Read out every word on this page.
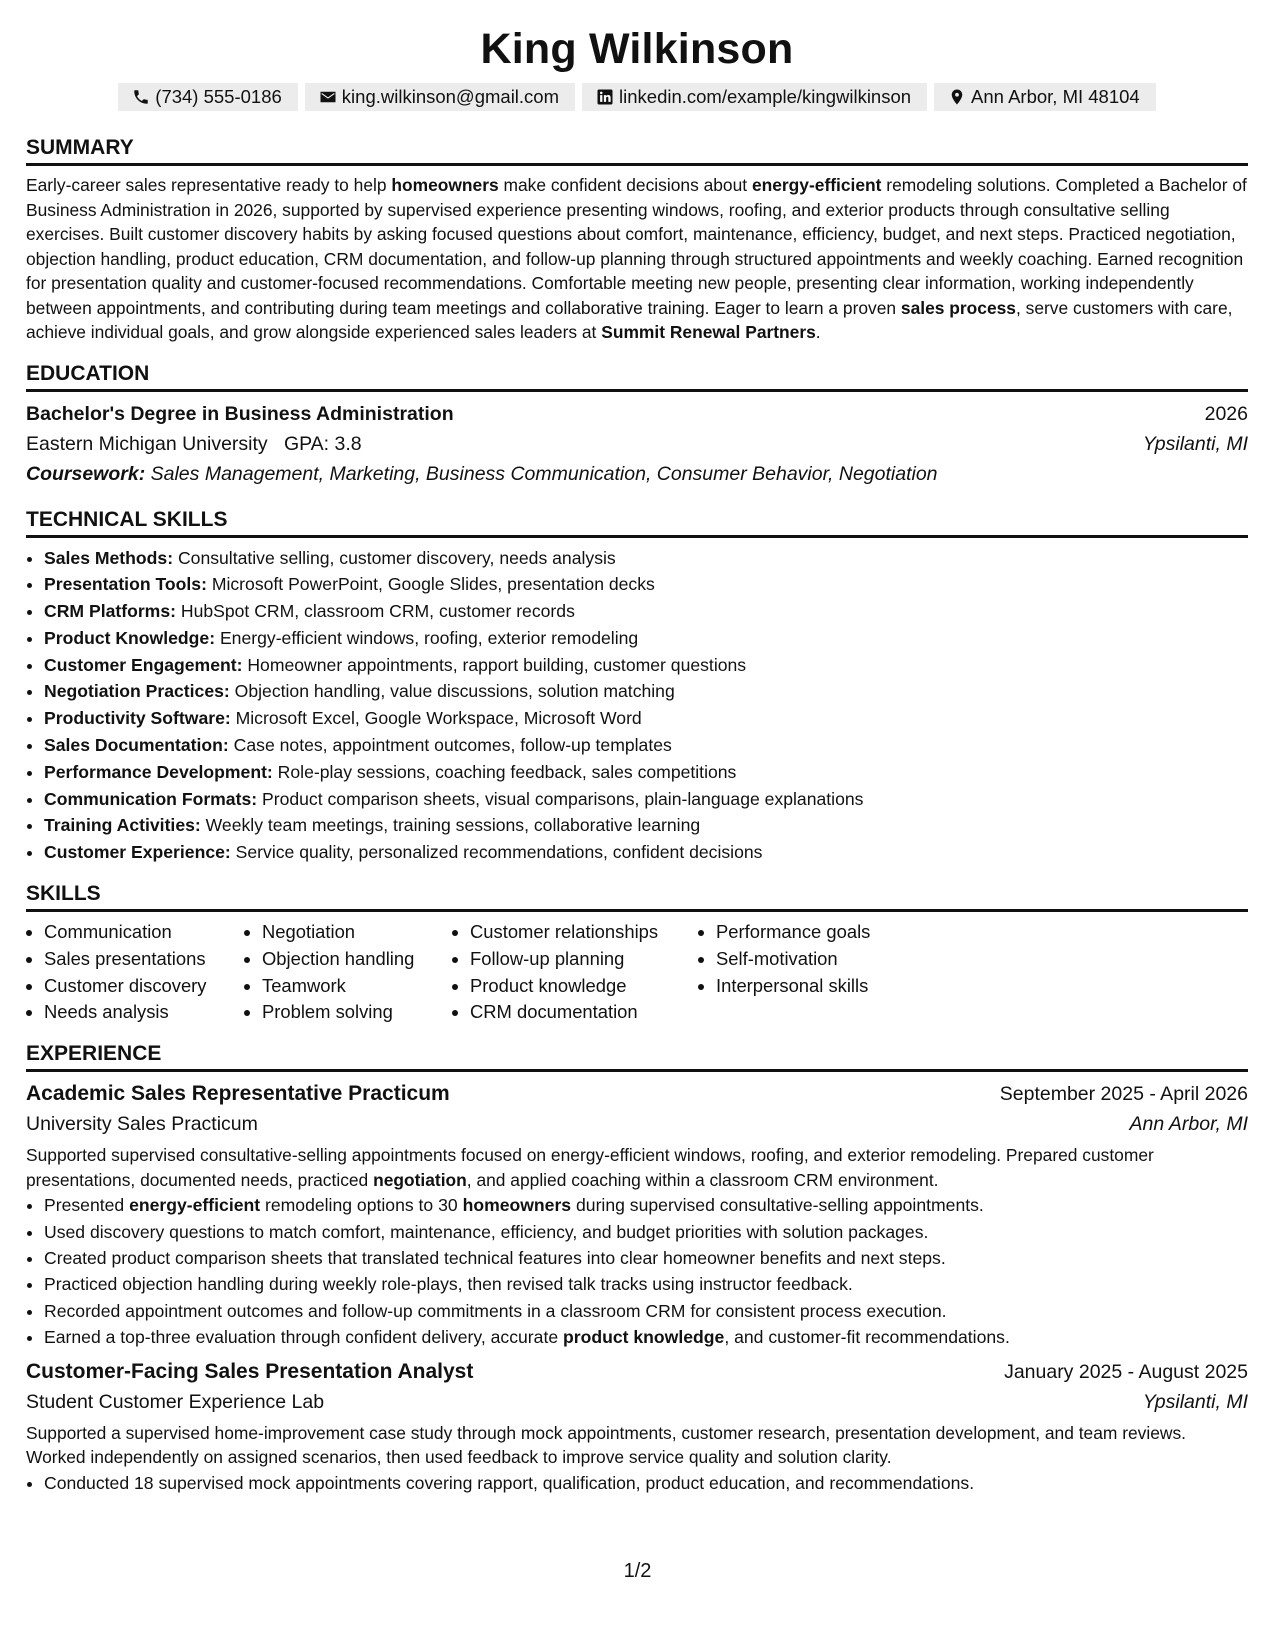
King Wilkinson
(734) 555-0186	king.wilkinson@gmail.com	linkedin.com/example/kingwilkinson	Ann Arbor, MI 48104
SUMMARY

Early-career sales representative ready to help homeowners make confident decisions about energy-efficient remodeling solutions. Completed a Bachelor of Business Administration in 2026, supported by supervised experience presenting windows, roofing, and exterior products through consultative selling exercises. Built customer discovery habits by asking focused questions about comfort, maintenance, efficiency, budget, and next steps. Practiced negotiation, objection handling, product education, CRM documentation, and follow-up planning through structured appointments and weekly coaching. Earned recognition for presentation quality and customer-focused recommendations. Comfortable meeting new people, presenting clear information, working independently between appointments, and contributing during team meetings and collaborative training. Eager to learn a proven sales process, serve customers with care, achieve individual goals, and grow alongside experienced sales leaders at Summit Renewal Partners.

EDUCATION
Bachelor's Degree in Business Administration	2026
Eastern Michigan University GPA: 3.8	Ypsilanti, MI
Coursework: Sales Management, Marketing, Business Communication, Consumer Behavior, Negotiation
TECHNICAL SKILLS
• Sales Methods: Consultative selling, customer discovery, needs analysis
• Presentation Tools: Microsoft PowerPoint, Google Slides, presentation decks
• CRM Platforms: HubSpot CRM, classroom CRM, customer records
• Product Knowledge: Energy-efficient windows, roofing, exterior remodeling
• Customer Engagement: Homeowner appointments, rapport building, customer questions
• Negotiation Practices: Objection handling, value discussions, solution matching
• Productivity Software: Microsoft Excel, Google Workspace, Microsoft Word
• Sales Documentation: Case notes, appointment outcomes, follow-up templates
• Performance Development: Role-play sessions, coaching feedback, sales competitions
• Communication Formats: Product comparison sheets, visual comparisons, plain-language explanations
• Training Activities: Weekly team meetings, training sessions, collaborative learning
• Customer Experience: Service quality, personalized recommendations, confident decisions
SKILLS
• Communication
• Sales presentations
• Customer discovery
• Needs analysis
• Negotiation
• Objection handling
• Teamwork
• Problem solving
• Customer relationships
• Follow-up planning
• Product knowledge
• CRM documentation
• Performance goals
• Self-motivation
• Interpersonal skills
EXPERIENCE
Academic Sales Representative Practicum	September 2025 - April 2026
University Sales Practicum	Ann Arbor, MI

Supported supervised consultative-selling appointments focused on energy-efficient windows, roofing, and exterior remodeling. Prepared customer presentations, documented needs, practiced negotiation, and applied coaching within a classroom CRM environment.

• Presented energy-efficient remodeling options to 30 homeowners during supervised consultative-selling appointments.
• Used discovery questions to match comfort, maintenance, efficiency, and budget priorities with solution packages.
• Created product comparison sheets that translated technical features into clear homeowner benefits and next steps.
• Practiced objection handling during weekly role-plays, then revised talk tracks using instructor feedback.
• Recorded appointment outcomes and follow-up commitments in a classroom CRM for consistent process execution.
• Earned a top-three evaluation through confident delivery, accurate product knowledge, and customer-fit recommendations.
Customer-Facing Sales Presentation Analyst	January 2025 - August 2025
Student Customer Experience Lab	Ypsilanti, MI

Supported a supervised home-improvement case study through mock appointments, customer research, presentation development, and team reviews. Worked independently on assigned scenarios, then used feedback to improve service quality and solution clarity.

• Conducted 18 supervised mock appointments covering rapport, qualification, product education, and recommendations.
1/2
